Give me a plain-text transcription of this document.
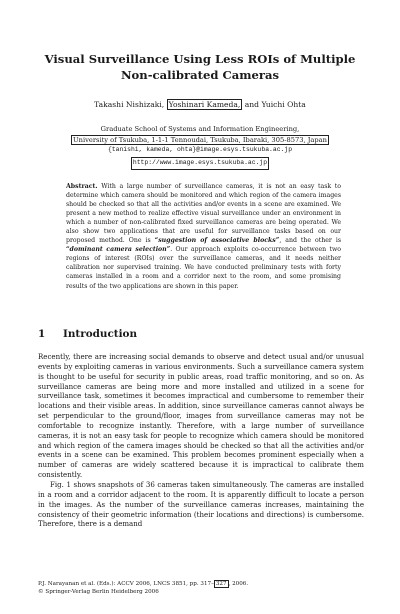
Visual Surveillance Using Less ROIs of Multiple
Non-calibrated Cameras
Takashi Nishizaki, Yoshinari Kameda, and Yuichi Ohta
Graduate School of Systems and Information Engineering,
University of Tsukuba, 1-1-1 Tennoudai, Tsukuba, Ibaraki, 305-8573, Japan
{tanishi, kameda, ohta}@image.esys.tsukuba.ac.jp
http://www.image.esys.tsukuba.ac.jp
Abstract. With a large number of surveillance cameras, it is not an easy task to determine which camera should be monitored and which region of the camera images should be checked so that all the activities and/or events in a scene are examined. We present a new method to realize effective visual surveillance under an environment in which a number of non-calibrated fixed surveillance cameras are being operated. We also show two applications that are useful for surveillance tasks based on our proposed method. One is “suggestion of associative blocks”, and the other is “dominant camera selection”. Our approach exploits co-occurrence between two regions of interest (ROIs) over the surveillance cameras, and it needs neither calibration nor supervised training. We have conducted preliminary tests with forty cameras installed in a room and a corridor next to the room, and some promising results of the two applications are shown in this paper.
1 Introduction

Recently, there are increasing social demands to observe and detect usual and/or unusual events by exploiting cameras in various environments. Such a surveillance camera system is thought to be useful for security in public areas, road traffic monitoring, and so on. As surveillance cameras are being more and more installed and utilized in a scene for surveillance task, sometimes it becomes impractical and cumbersome to remember their locations and their visible areas. In addition, since surveillance cameras cannot always be set perpendicular to the ground/floor, images from surveillance cameras may not be comfortable to recognize instantly. Therefore, with a large number of surveillance cameras, it is not an easy task for people to recognize which camera should be monitored and which region of the camera images should be checked so that all the activities and/or events in a scene can be examined. This problem becomes prominent especially when a number of cameras are widely scattered because it is impractical to calibrate them consistently.

Fig. 1 shows snapshots of 36 cameras taken simultaneously. The cameras are installed in a room and a corridor adjacent to the room. It is apparently difficult to locate a person in the images. As the number of the surveillance cameras increases, maintaining the consistency of their geometric information (their locations and directions) is cumbersome. Therefore, there is a demand

P.J. Narayanan et al. (Eds.): ACCV 2006, LNCS 3851, pp. 317– 327 , 2006.
© Springer-Verlag Berlin Heidelberg 2006
